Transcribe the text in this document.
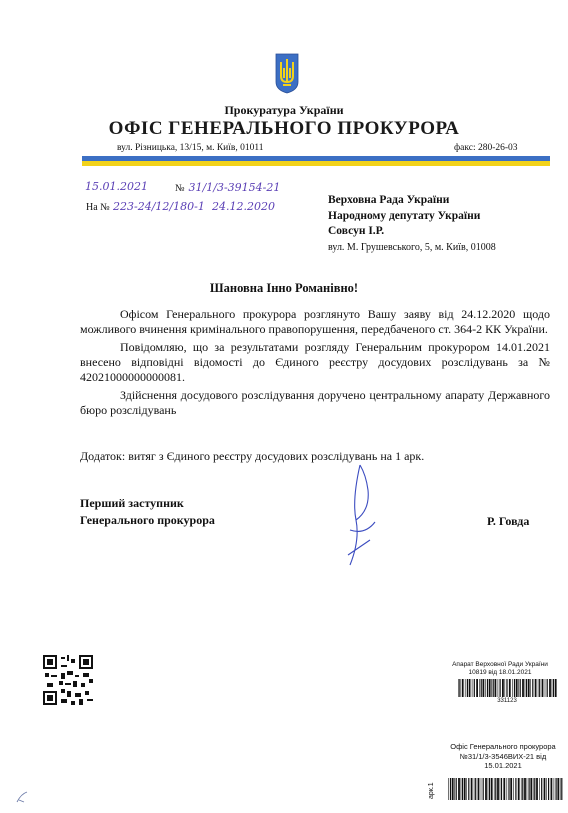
Прокуратура України
ОФІС ГЕНЕРАЛЬНОГО ПРОКУРОРА
вул. Різницька, 13/15, м. Київ, 01011	факс: 280-26-03
15.01.2021	№ 31/1/3-39154-21
На № 223-24/12/180-1 24.12.2020	Верховна Рада України
Народному депутату України
Совсун І.Р.
вул. М. Грушевського, 5, м. Київ, 01008
Шановна Інно Романівно!

Офісом Генерального прокурора розглянуто Вашу заяву від 24.12.2020 щодо можливого вчинення кримінального правопорушення, передбаченого ст. 364-2 КК України.

Повідомляю, що за результатами розгляду Генеральним прокурором 14.01.2021 внесено відповідні відомості до Єдиного реєстру досудових розслідувань за № 42021000000000081.

Здійснення досудового розслідування доручено центральному апарату Державного бюро розслідувань

Додаток: витяг з Єдиного реєстру досудових розслідувань на 1 арк.
Перший заступник
Генерального прокурора	Р. Говда
Апарат Верховної Ради України
10819 від 18.01.2021
331123
Офіс Генерального прокурора
№31/1/3-3546ВИХ-21 від
15.01.2021
арк.1
